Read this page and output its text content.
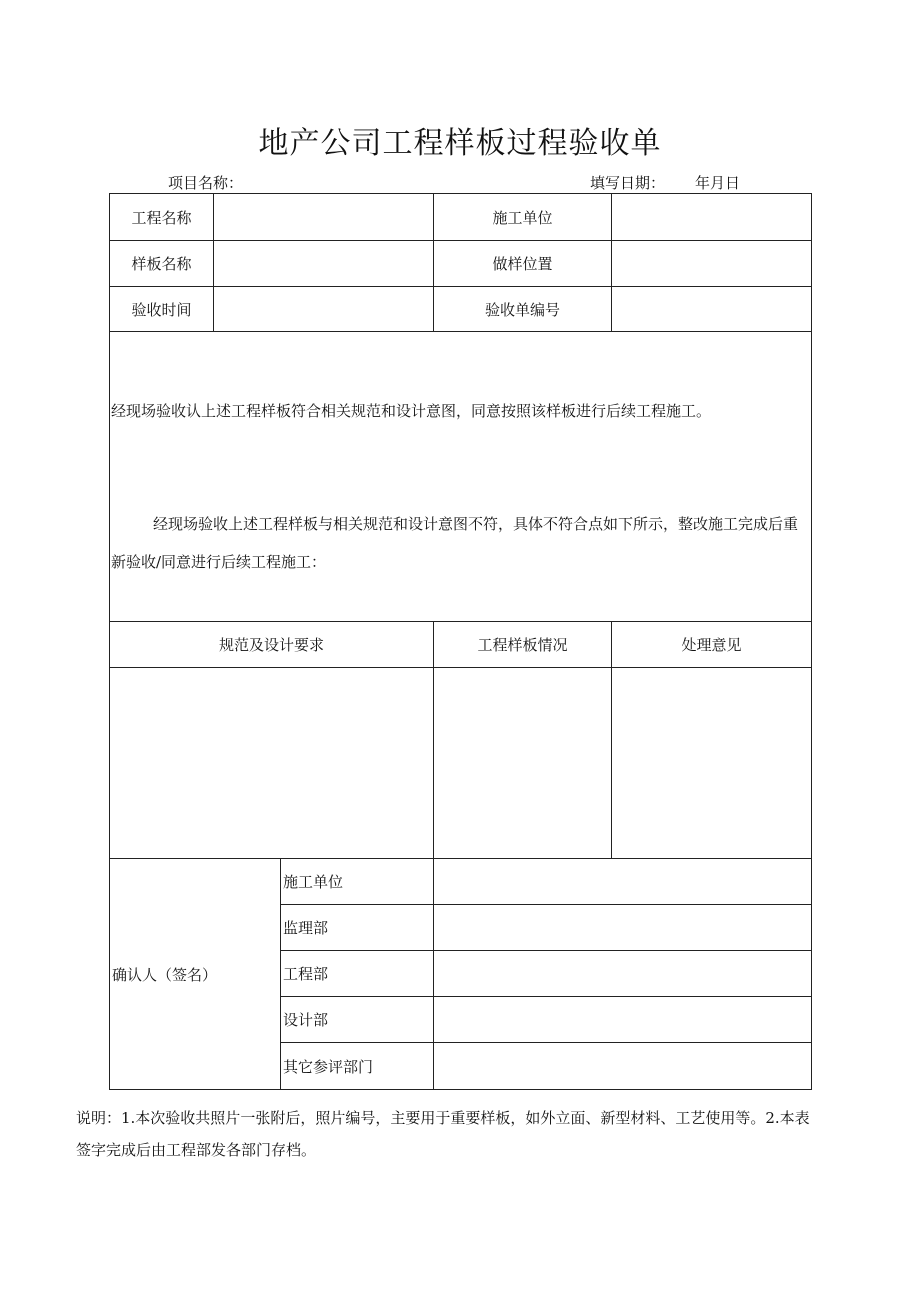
地产公司工程样板过程验收单
项目名称：	填写日期： 年月日
工程名称			施工单位	
样板名称			做样位置	
验收时间			验收单编号	

经现场验收认上述工程样板符合相关规范和设计意图，同意按照该样板进行后续工程施工。

经现场验收上述工程样板与相关规范和设计意图不符，具体不符合点如下所示，整改施工完成后重新验收/同意进行后续工程施工：				

规范及设计要求			工程样板情况	处理意见

确认人（签名）		施工单位		
		监理部		
		工程部		
		设计部		
		其它参评部门		
说明：1.本次验收共照片一张附后，照片编号，主要用于重要样板，如外立面、新型材料、工艺使用等。2.本表签字完成后由工程部发各部门存档。
